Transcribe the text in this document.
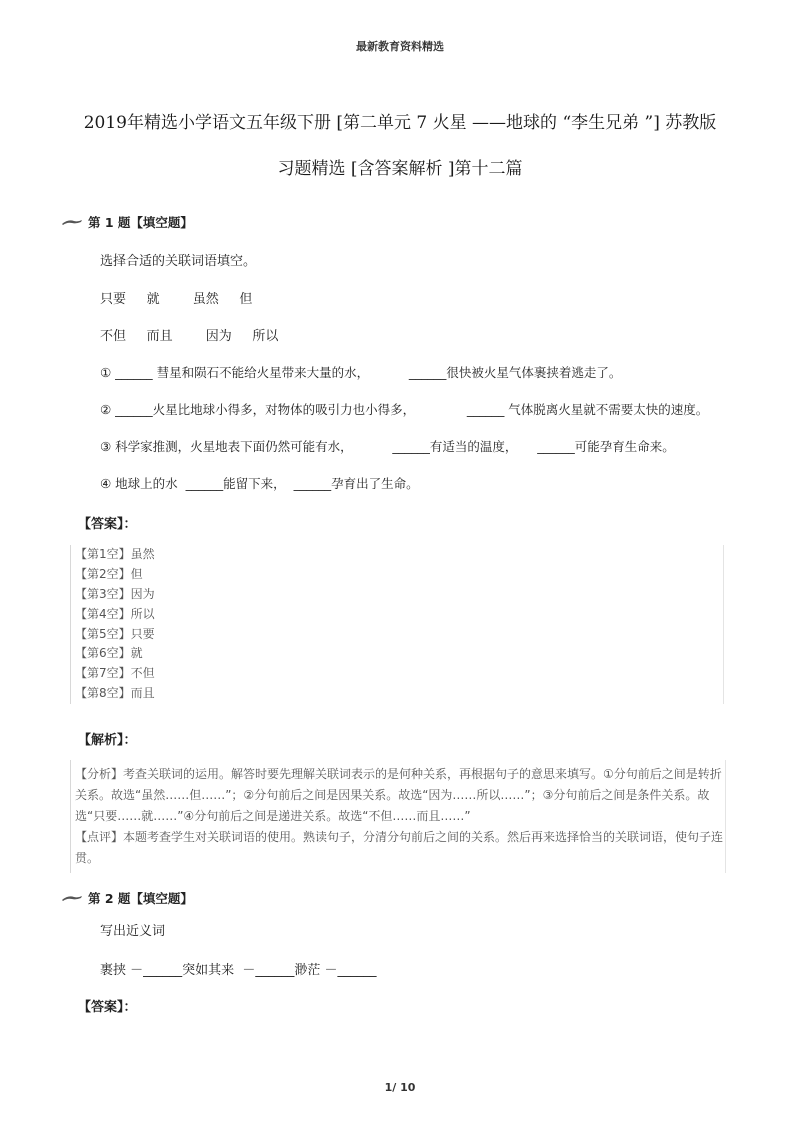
最新教育资料精选
2019年精选小学语文五年级下册 [第二单元 7 火星 ——地球的 “李生兄弟 ”] 苏教版
习题精选 [含答案解析 ]第十二篇
第 1 题【填空题】
选择合适的关联词语填空。
只要     就        虽然     但
不但     而且        因为     所以
① ______ 彗星和陨石不能给火星带来大量的水，          ______很快被火星气体裹挟着逃走了。
② ______火星比地球小得多，对物体的吸引力也小得多，             ______ 气体脱离火星就不需要太快的速度。
③ 科学家推测，火星地表下面仍然可能有水，          ______有适当的温度，     ______可能孕育生命来。
④ 地球上的水  ______能留下来，  ______孕育出了生命。
【答案】：
【第1空】虽然
【第2空】但
【第3空】因为
【第4空】所以
【第5空】只要
【第6空】就
【第7空】不但
【第8空】而且
【解析】：

【分析】考查关联词的运用。解答时要先理解关联词表示的是何种关系，再根据句子的意思来填写。①分句前后之间是转折关系。故选“虽然……但……”；②分句前后之间是因果关系。故选“因为……所以……”；③分句前后之间是条件关系。故选“只要……就……”④分句前后之间是递进关系。故选“不但……而且……”

【点评】本题考查学生对关联词语的使用。熟读句子，分清分句前后之间的关系。然后再来选择恰当的关联词语，使句子连贯。

第 2 题【填空题】
写出近义词
裹挟 －______突如其来  －______渺茫 －______
【答案】：
1/ 10
